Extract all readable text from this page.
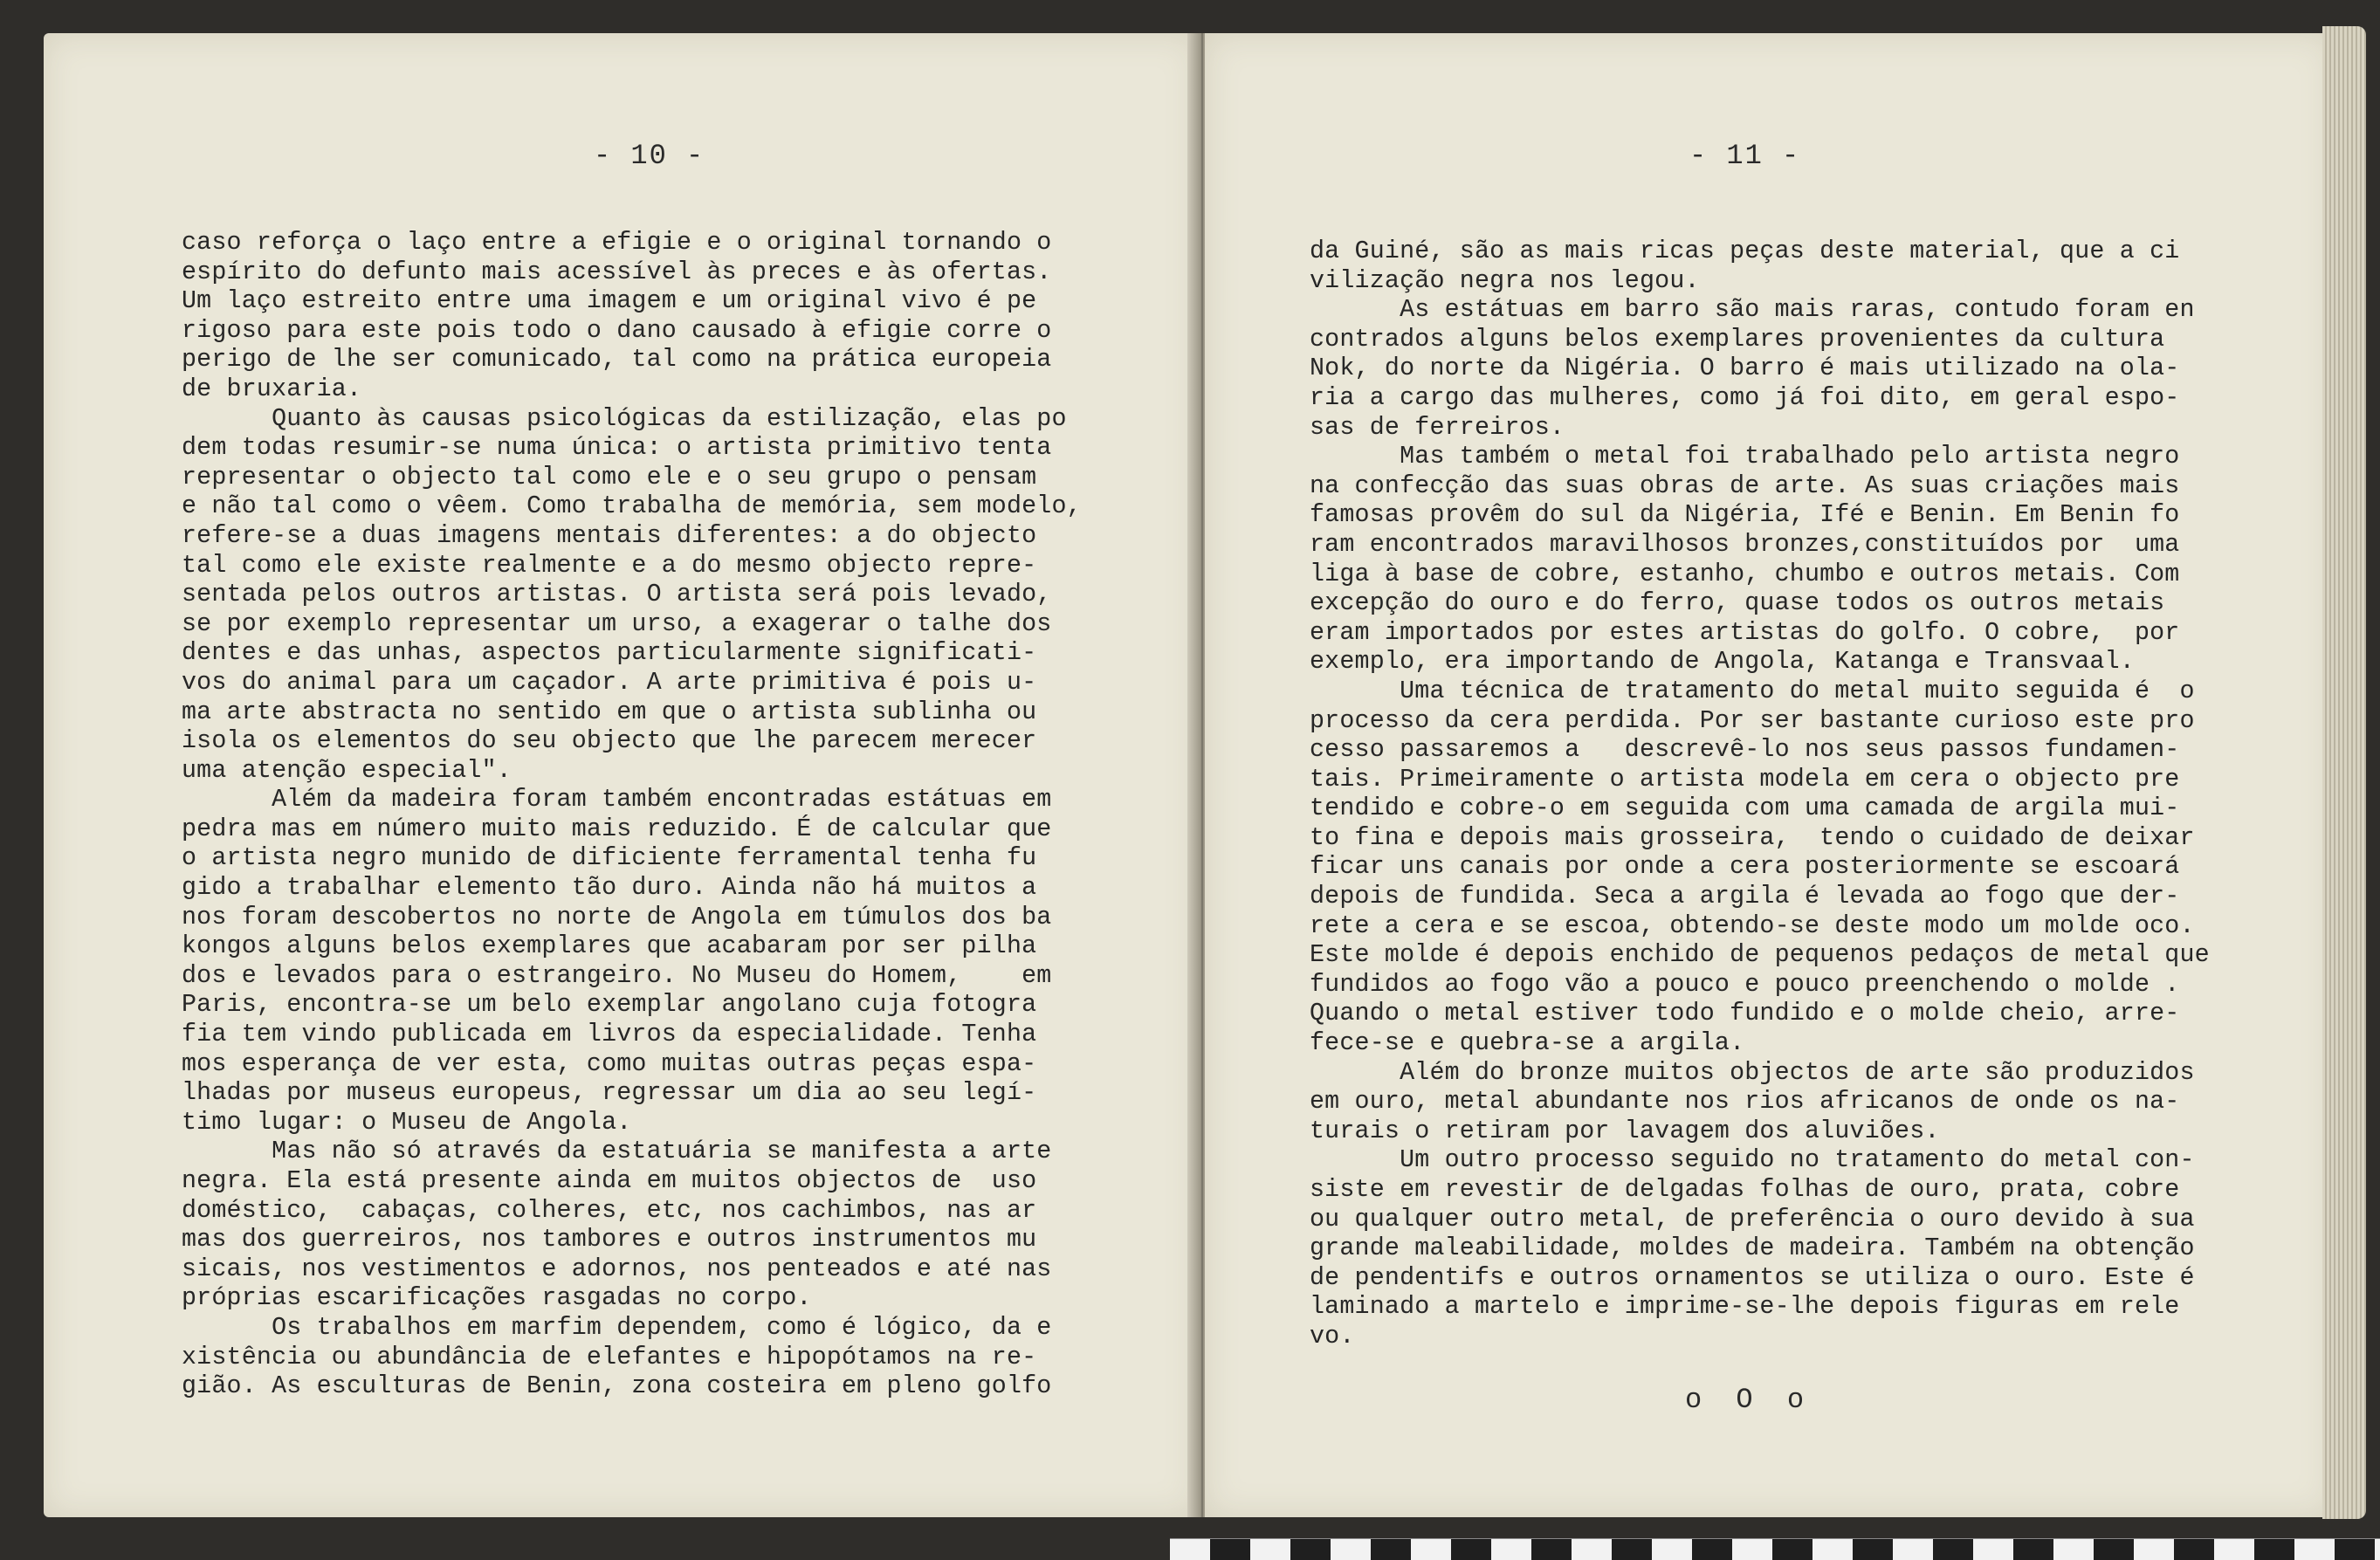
- 10 -	- 11 -
caso reforça o laço entre a efigie e o original tornando o
espírito do defunto mais acessível às preces e às ofertas.
Um laço estreito entre uma imagem e um original vivo é pe
rigoso para este pois todo o dano causado à efigie corre o
perigo de lhe ser comunicado, tal como na prática europeia
de bruxaria.
Quanto às causas psicológicas da estilização, elas po
dem todas resumir-se numa única: o artista primitivo tenta
representar o objecto tal como ele e o seu grupo o pensam
e não tal como o vêem. Como trabalha de memória, sem modelo,
refere-se a duas imagens mentais diferentes: a do objecto
tal como ele existe realmente e a do mesmo objecto repre-
sentada pelos outros artistas. O artista será pois levado,
se por exemplo representar um urso, a exagerar o talhe dos
dentes e das unhas, aspectos particularmente significati-
vos do animal para um caçador. A arte primitiva é pois u-
ma arte abstracta no sentido em que o artista sublinha ou
isola os elementos do seu objecto que lhe parecem merecer
uma atenção especial".
Além da madeira foram também encontradas estátuas em
pedra mas em número muito mais reduzido. É de calcular que
o artista negro munido de dificiente ferramental tenha fu
gido a trabalhar elemento tão duro. Ainda não há muitos a
nos foram descobertos no norte de Angola em túmulos dos ba
kongos alguns belos exemplares que acabaram por ser pilha
dos e levados para o estrangeiro. No Museu do Homem,    em
Paris, encontra-se um belo exemplar angolano cuja fotogra
fia tem vindo publicada em livros da especialidade. Tenha
mos esperança de ver esta, como muitas outras peças espa-
lhadas por museus europeus, regressar um dia ao seu legí-
timo lugar: o Museu de Angola.
Mas não só através da estatuária se manifesta a arte
negra. Ela está presente ainda em muitos objectos de  uso
doméstico,  cabaças, colheres, etc, nos cachimbos, nas ar
mas dos guerreiros, nos tambores e outros instrumentos mu
sicais, nos vestimentos e adornos, nos penteados e até nas
próprias escarificações rasgadas no corpo.
Os trabalhos em marfim dependem, como é lógico, da e
xistência ou abundância de elefantes e hipopótamos na re-
gião. As esculturas de Benin, zona costeira em pleno golfo
da Guiné, são as mais ricas peças deste material, que a ci
vilização negra nos legou.
As estátuas em barro são mais raras, contudo foram en
contrados alguns belos exemplares provenientes da cultura
Nok, do norte da Nigéria. O barro é mais utilizado na ola-
ria a cargo das mulheres, como já foi dito, em geral espo-
sas de ferreiros.
Mas também o metal foi trabalhado pelo artista negro
na confecção das suas obras de arte. As suas criações mais
famosas provêm do sul da Nigéria, Ifé e Benin. Em Benin fo
ram encontrados maravilhosos bronzes,constituídos por  uma
liga à base de cobre, estanho, chumbo e outros metais. Com
excepção do ouro e do ferro, quase todos os outros metais
eram importados por estes artistas do golfo. O cobre,  por
exemplo, era importando de Angola, Katanga e Transvaal.
Uma técnica de tratamento do metal muito seguida é  o
processo da cera perdida. Por ser bastante curioso este pro
cesso passaremos a   descrevê-lo nos seus passos fundamen-
tais. Primeiramente o artista modela em cera o objecto pre
tendido e cobre-o em seguida com uma camada de argila mui-
to fina e depois mais grosseira,  tendo o cuidado de deixar
ficar uns canais por onde a cera posteriormente se escoará
depois de fundida. Seca a argila é levada ao fogo que der-
rete a cera e se escoa, obtendo-se deste modo um molde oco.
Este molde é depois enchido de pequenos pedaços de metal que
fundidos ao fogo vão a pouco e pouco preenchendo o molde .
Quando o metal estiver todo fundido e o molde cheio, arre-
fece-se e quebra-se a argila.
Além do bronze muitos objectos de arte são produzidos
em ouro, metal abundante nos rios africanos de onde os na-
turais o retiram por lavagem dos aluviões.
Um outro processo seguido no tratamento do metal con-
siste em revestir de delgadas folhas de ouro, prata, cobre
ou qualquer outro metal, de preferência o ouro devido à sua
grande maleabilidade, moldes de madeira. Também na obtenção
de pendentifs e outros ornamentos se utiliza o ouro. Este é
laminado a martelo e imprime-se-lhe depois figuras em rele
vo.
o O o
